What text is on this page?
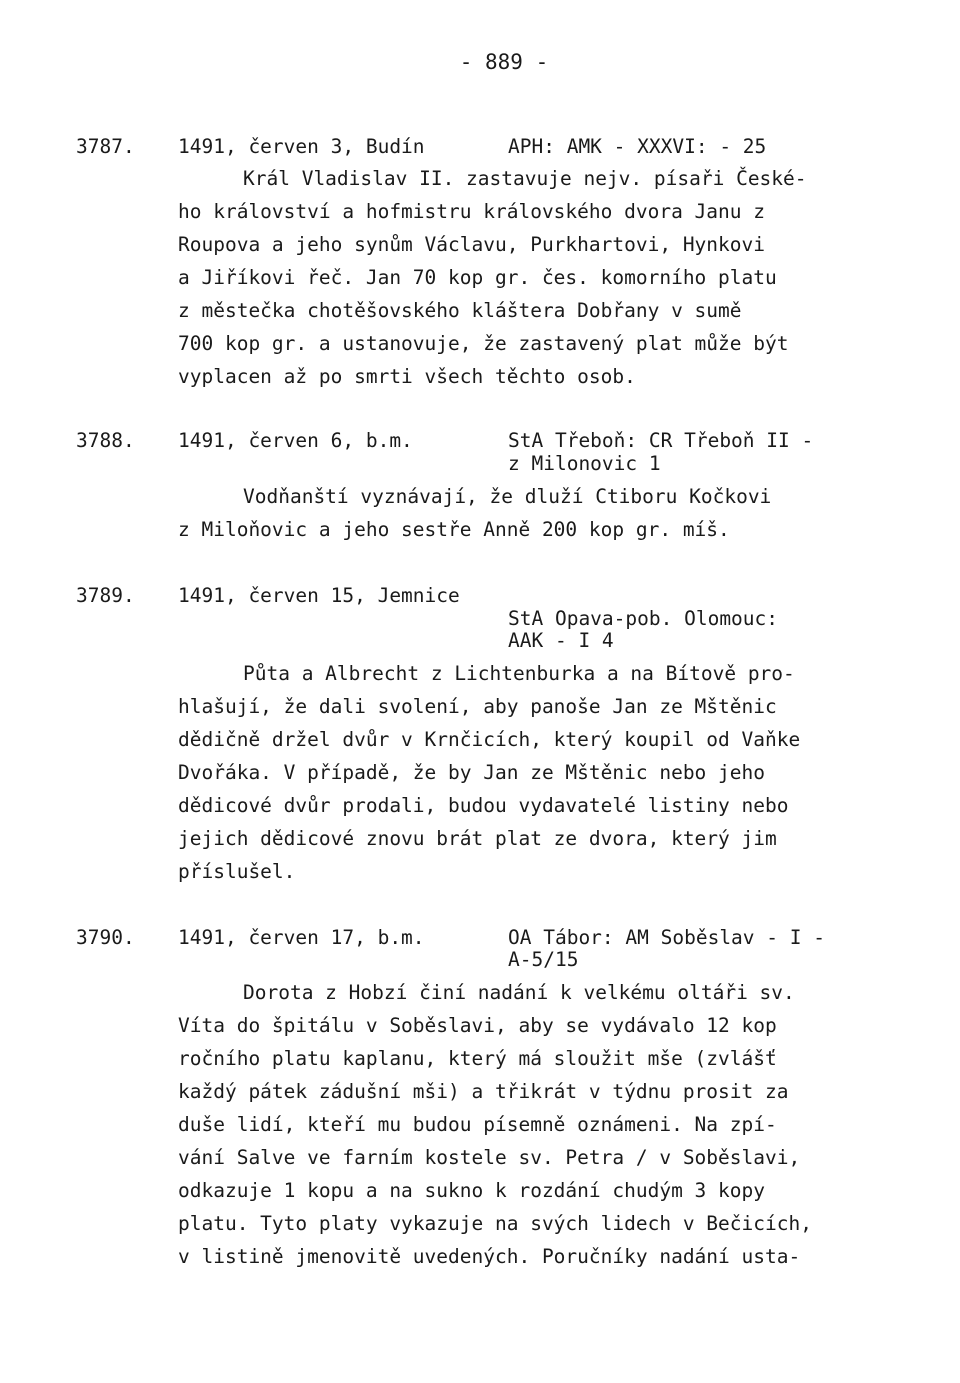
- 889 -
3787. 1491, červen 3, Budín	APH: AMK - XXXVI: - 25
Král Vladislav II. zastavuje nejv. písaři České-
ho království a hofmistru královského dvora Janu z
Roupova a jeho synům Václavu, Purkhartovi, Hynkovi
a Jiříkovi řeč. Jan 70 kop gr. čes. komorního platu
z městečka chotěšovského kláštera Dobřany v sumě
700 kop gr. a ustanovuje, že zastavený plat může být
vyplacen až po smrti všech těchto osob.
3788. 1491, červen 6, b.m.	StA Třeboň: CR Třeboň II -
z Milonovic 1
Vodňanští vyznávají, že dluží Ctiboru Kočkovi
z Miloňovic a jeho sestře Anně 200 kop gr. míš.
3789. 1491, červen 15, Jemnice
StA Opava-pob. Olomouc:
AAK - I 4
Půta a Albrecht z Lichtenburka a na Bítově pro-
hlašují, že dali svolení, aby panoše Jan ze Mštěnic
dědičně držel dvůr v Krnčicích, který koupil od Vaňke
Dvořáka. V případě, že by Jan ze Mštěnic nebo jeho
dědicové dvůr prodali, budou vydavatelé listiny nebo
jejich dědicové znovu brát plat ze dvora, který jim
příslušel.
3790. 1491, červen 17, b.m.	OA Tábor: AM Soběslav - I -
A-5/15
Dorota z Hobzí činí nadání k velkému oltáři sv.
Víta do špitálu v Soběslavi, aby se vydávalo 12 kop
ročního platu kaplanu, který má sloužit mše (zvlášť
každý pátek zádušní mši) a třikrát v týdnu prosit za
duše lidí, kteří mu budou písemně oznámeni. Na zpí-
vání Salve ve farním kostele sv. Petra / v Soběslavi,
odkazuje 1 kopu a na sukno k rozdání chudým 3 kopy
platu. Tyto platy vykazuje na svých lidech v Bečicích,
v listině jmenovitě uvedených. Poručníky nadání usta-
